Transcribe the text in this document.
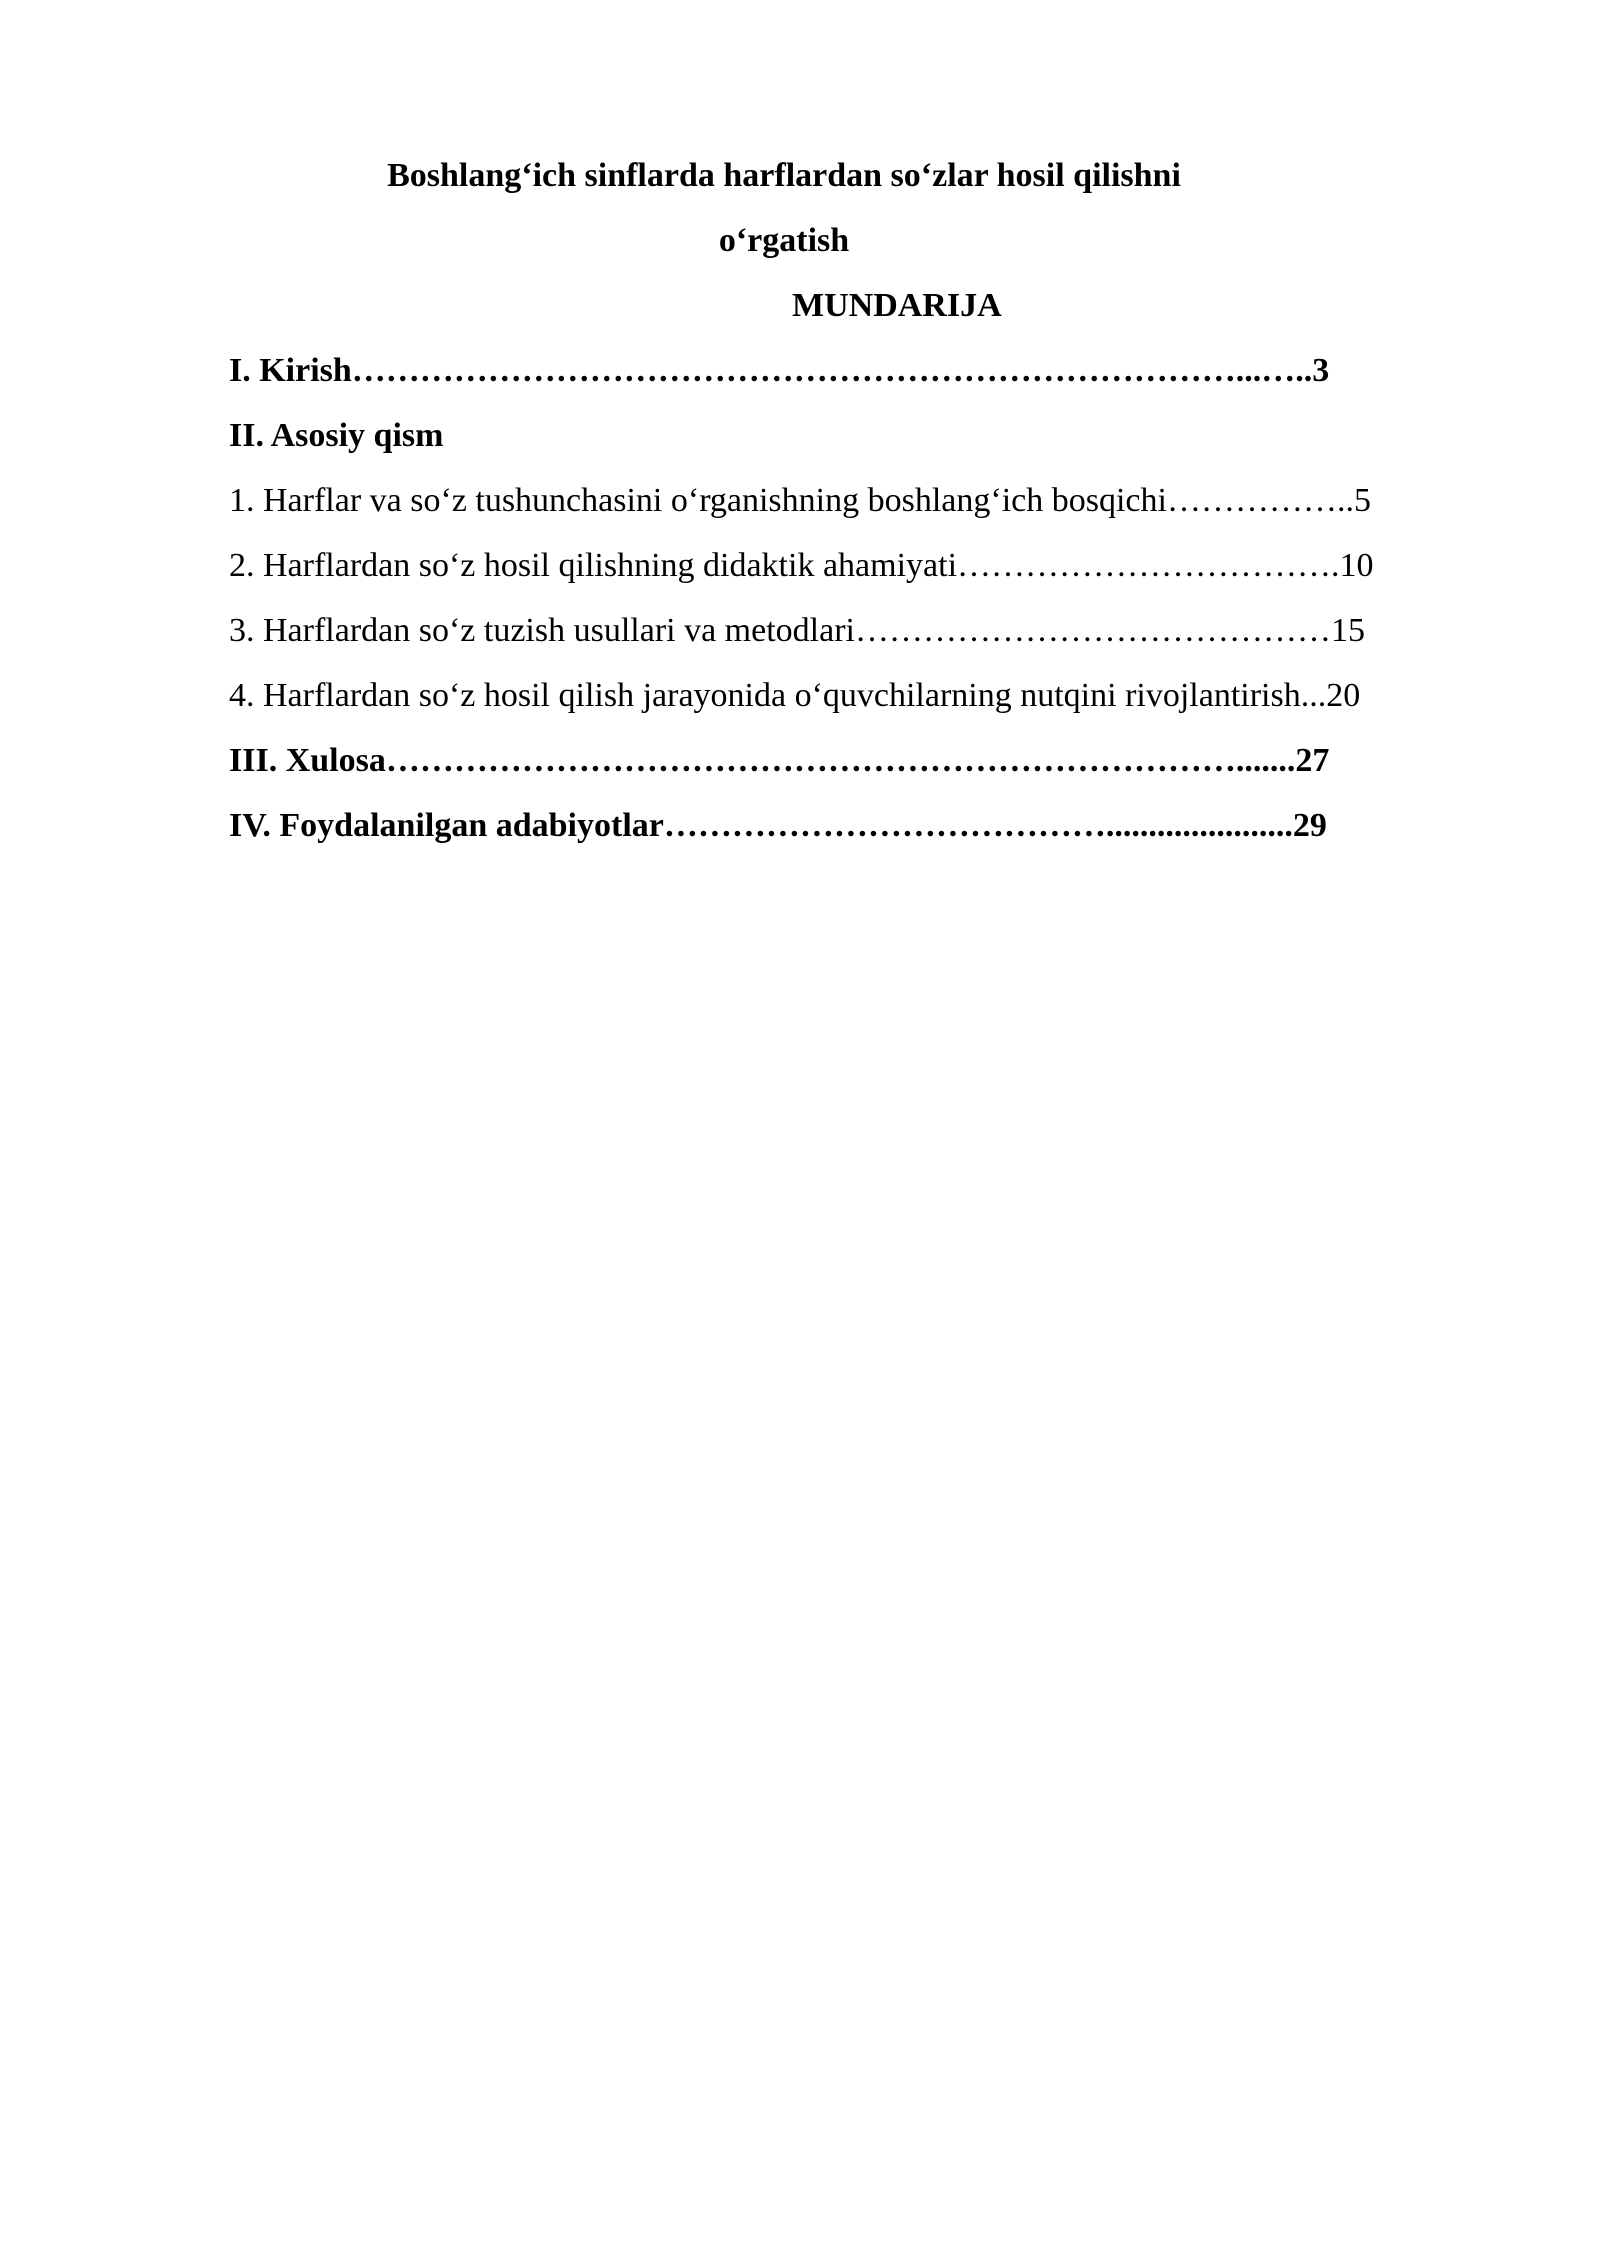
Boshlang‘ich sinflarda harflardan so‘zlar hosil qilishni
o‘rgatish
MUNDARIJA
I. Kirish……………………………………………………………………...…..3
II. Asosiy qism
1. Harflar va so‘z tushunchasini o‘rganishning boshlang‘ich bosqichi……………..5
2. Harflardan so‘z hosil qilishning didaktik ahamiyati…………………………….10
3. Harflardan so‘z tuzish usullari va metodlari……………………………………15
4. Harflardan so‘z hosil qilish jarayonida o‘quvchilarning nutqini rivojlantirish...20
III. Xulosa………………………………………………………………….......27
IV. Foydalanilgan adabiyotlar…………………………………......................29
